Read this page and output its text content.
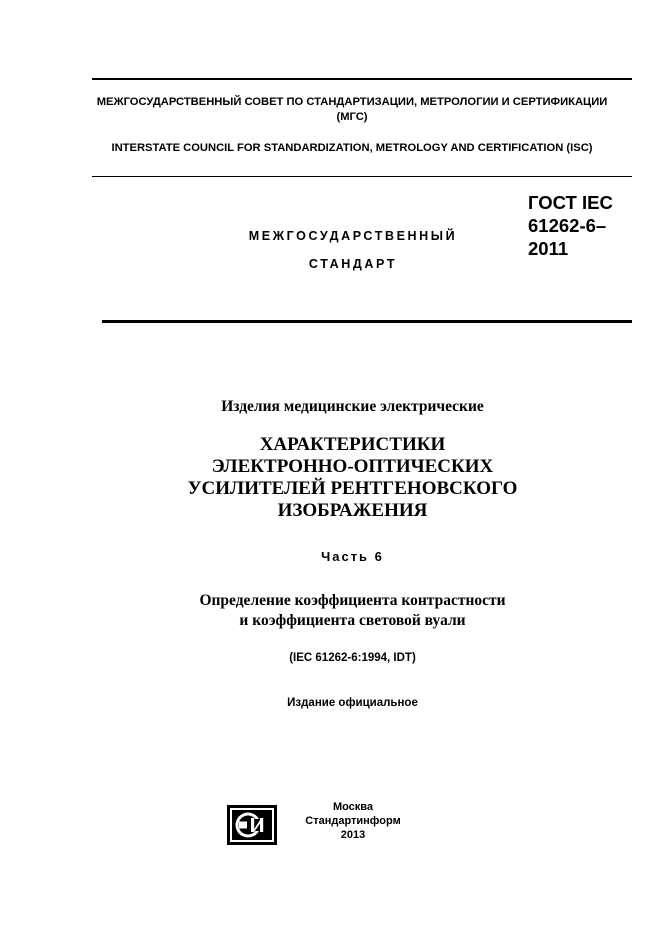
МЕЖГОСУДАРСТВЕННЫЙ СОВЕТ ПО СТАНДАРТИЗАЦИИ, МЕТРОЛОГИИ И СЕРТИФИКАЦИИ (МГС)

INTERSTATE COUNCIL FOR STANDARDIZATION, METROLOGY AND CERTIFICATION (ISC)

МЕЖГОСУДАРСТВЕННЫЙ

СТАНДАРТ

ГОСТ IEC
61262-6–
2011

Изделия медицинские электрические

ХАРАКТЕРИСТИКИ
ЭЛЕКТРОННО-ОПТИЧЕСКИХ
УСИЛИТЕЛЕЙ РЕНТГЕНОВСКОГО
ИЗОБРАЖЕНИЯ

Часть 6

Определение коэффициента контрастности
и коэффициента световой вуали

(IEC 61262-6:1994, IDT)

Издание официальное

Москва
Стандартинформ
2013
